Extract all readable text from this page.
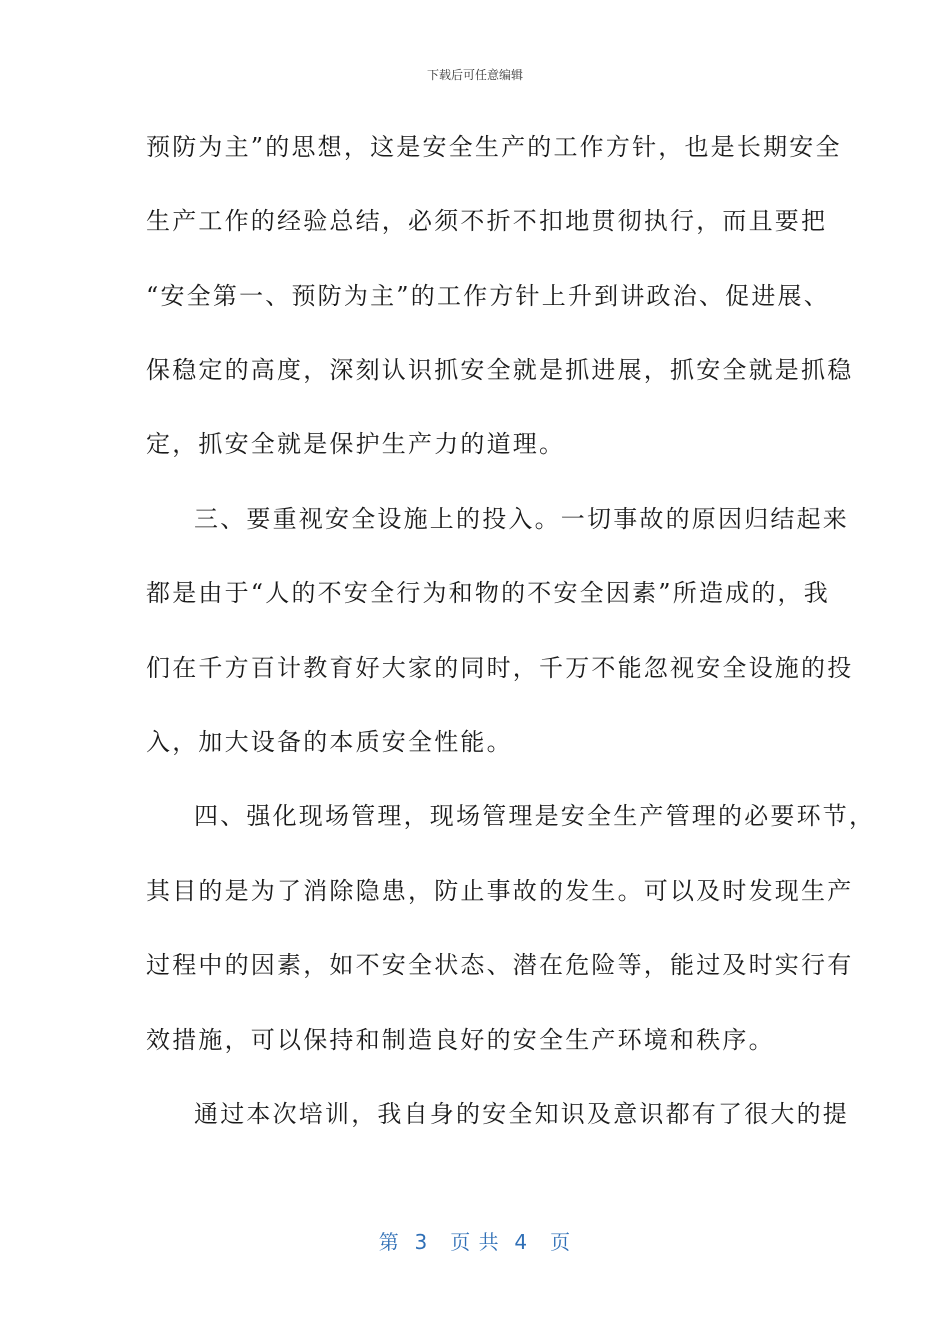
下载后可任意编辑
预防为主”的思想，这是安全生产的工作方针，也是长期安全
生产工作的经验总结，必须不折不扣地贯彻执行，而且要把
“安全第一、预防为主”的工作方针上升到讲政治、促进展、
保稳定的高度，深刻认识抓安全就是抓进展，抓安全就是抓稳
定，抓安全就是保护生产力的道理。
三、要重视安全设施上的投入。一切事故的原因归结起来
都是由于“人的不安全行为和物的不安全因素”所造成的，我
们在千方百计教育好大家的同时，千万不能忽视安全设施的投
入，加大设备的本质安全性能。
四、强化现场管理，现场管理是安全生产管理的必要环节，
其目的是为了消除隐患，防止事故的发生。可以及时发现生产
过程中的因素，如不安全状态、潜在危险等，能过及时实行有
效措施，可以保持和制造良好的安全生产环境和秩序。
通过本次培训，我自身的安全知识及意识都有了很大的提
第  3   页 共  4   页
